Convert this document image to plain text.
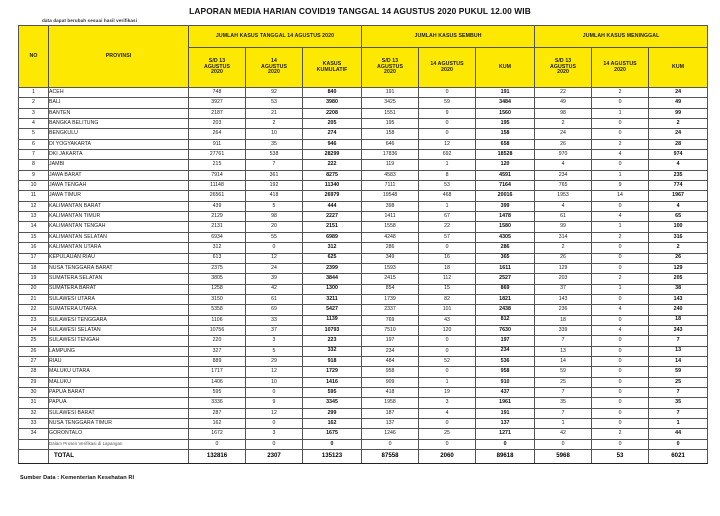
LAPORAN MEDIA HARIAN COVID19 TANGGAL 14 AGUSTUS 2020 PUKUL 12.00 WIB
data dapat berubah sesuai hasil verifikasi
NO	PROVINSI	JUMLAH KASUS TANGGAL 14 AGUSTUS 2020			JUMLAH KASUS SEMBUH			JUMLAH KASUS MENINGGAL		

		S/D 13
AGUSTUS
2020	14
AGUSTUS
2020	KASUS
KUMULATIF	S/D 13
AGUSTUS
2020	14 AGUSTUS
2020	KUM	S/D 13
AGUSTUS
2020	14 AGUSTUS
2020	KUM

1	ACEH	748	92	840	191	0	191	22	2	24
2	BALI	3927	53	3980	3425	59	3484	49	0	49
3	BANTEN	2187	21	2208	1551	9	1560	98	1	99
4	BANGKA BELITUNG	203	2	205	195	0	195	2	0	2
5	BENGKULU	264	10	274	158	0	158	24	0	24
6	DI YOGYAKARTA	911	35	946	646	12	658	26	2	28
7	DKI JAKARTA	27761	538	28299	17836	692	18528	970	4	974
8	JAMBI	215	7	222	119	1	120	4	0	4
9	JAWA BARAT	7914	361	8275	4583	8	4591	234	1	235
10	JAWA TENGAH	11148	192	11340	7111	53	7164	765	9	774
11	JAWA TIMUR	26561	418	26979	19548	468	20016	1953	14	1967
12	KALIMANTAN BARAT	439	5	444	398	1	399	4	0	4
13	KALIMANTAN TIMUR	2129	98	2227	1411	67	1478	61	4	65
14	KALIMANTAN TENGAH	2131	20	2151	1558	22	1580	99	1	100
15	KALIMANTAN SELATAN	6934	55	6989	4248	57	4305	314	2	316
16	KALIMANTAN UTARA	312	0	312	286	0	286	2	0	2
17	KEPULAUAN RIAU	613	12	625	349	16	365	26	0	26
18	NUSA TENGGARA BARAT	2375	24	2399	1593	18	1611	129	0	129
19	SUMATERA SELATAN	3805	39	3844	2415	112	2527	203	2	205
20	SUMATERA BARAT	1258	42	1300	854	15	869	37	1	38
21	SULAWESI UTARA	3150	61	3211	1739	82	1821	143	0	143
22	SUMATERA UTARA	5358	69	5427	2337	101	2438	236	4	240
23	SULAWESI TENGGARA	1106	33	1139	769	43	812	18	0	18
24	SULAWESI SELATAN	10756	37	10793	7510	120	7630	339	4	343
25	SULAWESI TENGAH	220	3	223	197	0	197	7	0	7
26	LAMPUNG	327	5	332	234	0	234	13	0	13
27	RIAU	889	29	918	484	52	536	14	0	14
28	MALUKU UTARA	1717	12	1729	958	0	958	59	0	59
29	MALUKU	1406	10	1416	909	1	910	25	0	25
30	PAPUA BARAT	595	0	595	418	19	437	7	0	7
31	PAPUA	3336	9	3345	1958	3	1961	35	0	35
32	SULAWESI BARAT	287	12	299	187	4	191	7	0	7
33	NUSA TENGGARA TIMUR	162	0	162	137	0	137	1	0	1
34	GORONTALO	1672	3	1675	1246	25	1271	42	2	44
	Dalam Proses Verifikasi di Lapangan	0	0	0	0	0	0	0	0	0
	TOTAL	132816	2307	135123	87558	2060	89618	5968	53	6021
Sumber Data : Kementerian Kesehatan RI
